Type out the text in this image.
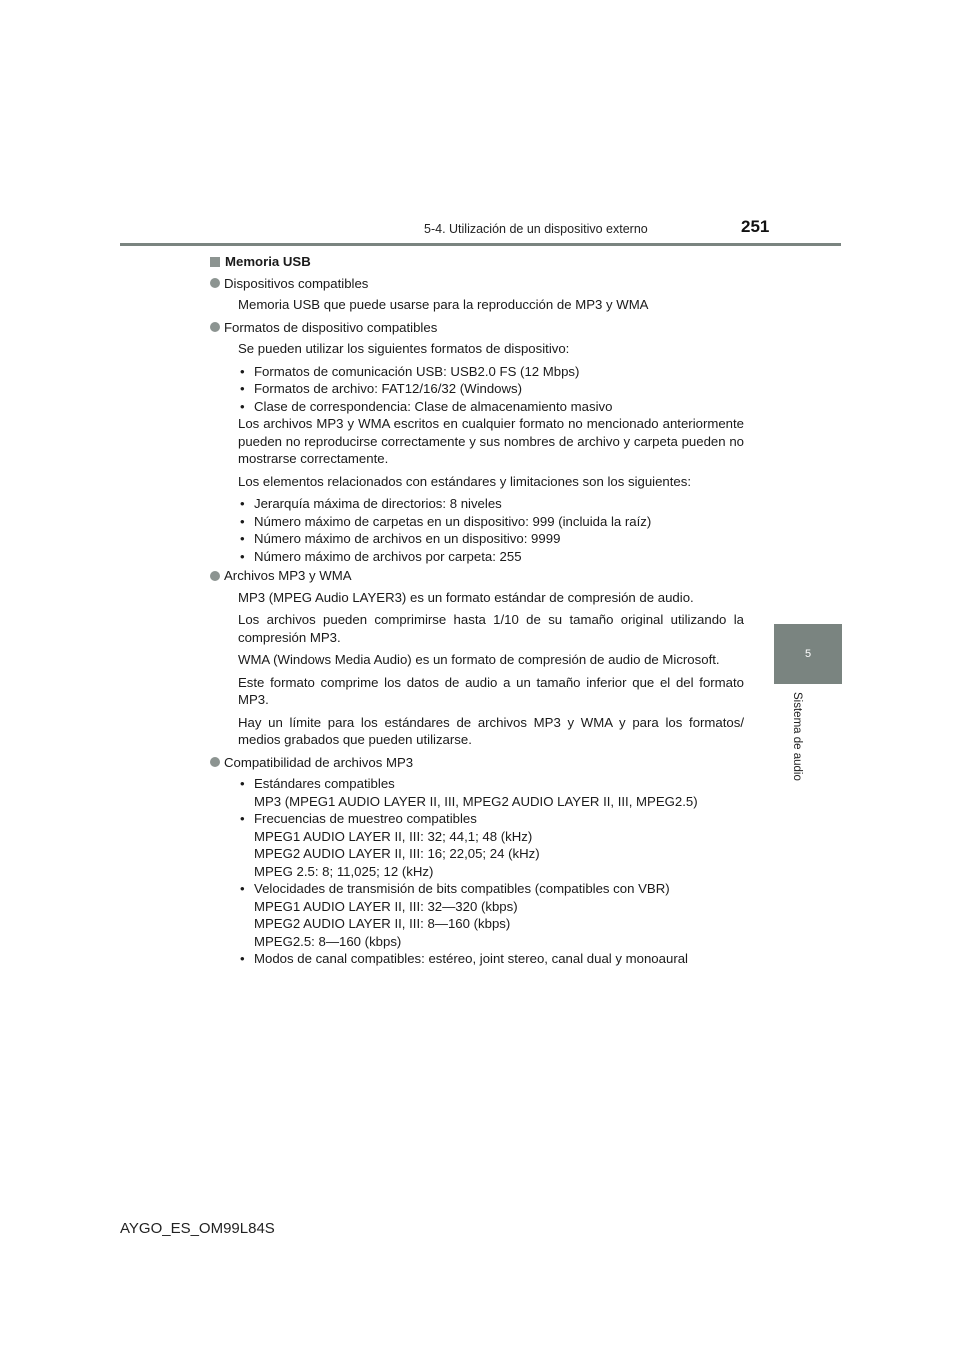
5-4. Utilización de un dispositivo externo	251
5
Sistema de audio
Memoria USB
Dispositivos compatibles
Memoria USB que puede usarse para la reproducción de MP3 y WMA
Formatos de dispositivo compatibles
Se pueden utilizar los siguientes formatos de dispositivo:
• Formatos de comunicación USB: USB2.0 FS (12 Mbps)
• Formatos de archivo: FAT12/16/32 (Windows)
• Clase de correspondencia: Clase de almacenamiento masivo
Los archivos MP3 y WMA escritos en cualquier formato no mencionado anteriormente pueden no reproducirse correctamente y sus nombres de archivo y carpeta pueden no mostrarse correctamente.
Los elementos relacionados con estándares y limitaciones son los siguientes:
• Jerarquía máxima de directorios: 8 niveles
• Número máximo de carpetas en un dispositivo: 999 (incluida la raíz)
• Número máximo de archivos en un dispositivo: 9999
• Número máximo de archivos por carpeta: 255
Archivos MP3 y WMA
MP3 (MPEG Audio LAYER3) es un formato estándar de compresión de audio.
Los archivos pueden comprimirse hasta 1/10 de su tamaño original utilizando la compresión MP3.
WMA (Windows Media Audio) es un formato de compresión de audio de Microsoft.
Este formato comprime los datos de audio a un tamaño inferior que el del formato MP3.
Hay un límite para los estándares de archivos MP3 y WMA y para los formatos/ medios grabados que pueden utilizarse.
Compatibilidad de archivos MP3
• Estándares compatibles
MP3 (MPEG1 AUDIO LAYER II, III, MPEG2 AUDIO LAYER II, III, MPEG2.5)
• Frecuencias de muestreo compatibles
MPEG1 AUDIO LAYER II, III: 32; 44,1; 48 (kHz)
MPEG2 AUDIO LAYER II, III: 16; 22,05; 24 (kHz)
MPEG 2.5: 8; 11,025; 12 (kHz)
• Velocidades de transmisión de bits compatibles (compatibles con VBR)
MPEG1 AUDIO LAYER II, III: 32—320 (kbps)
MPEG2 AUDIO LAYER II, III: 8—160 (kbps)
MPEG2.5: 8—160 (kbps)
• Modos de canal compatibles: estéreo, joint stereo, canal dual y monoaural
AYGO_ES_OM99L84S
